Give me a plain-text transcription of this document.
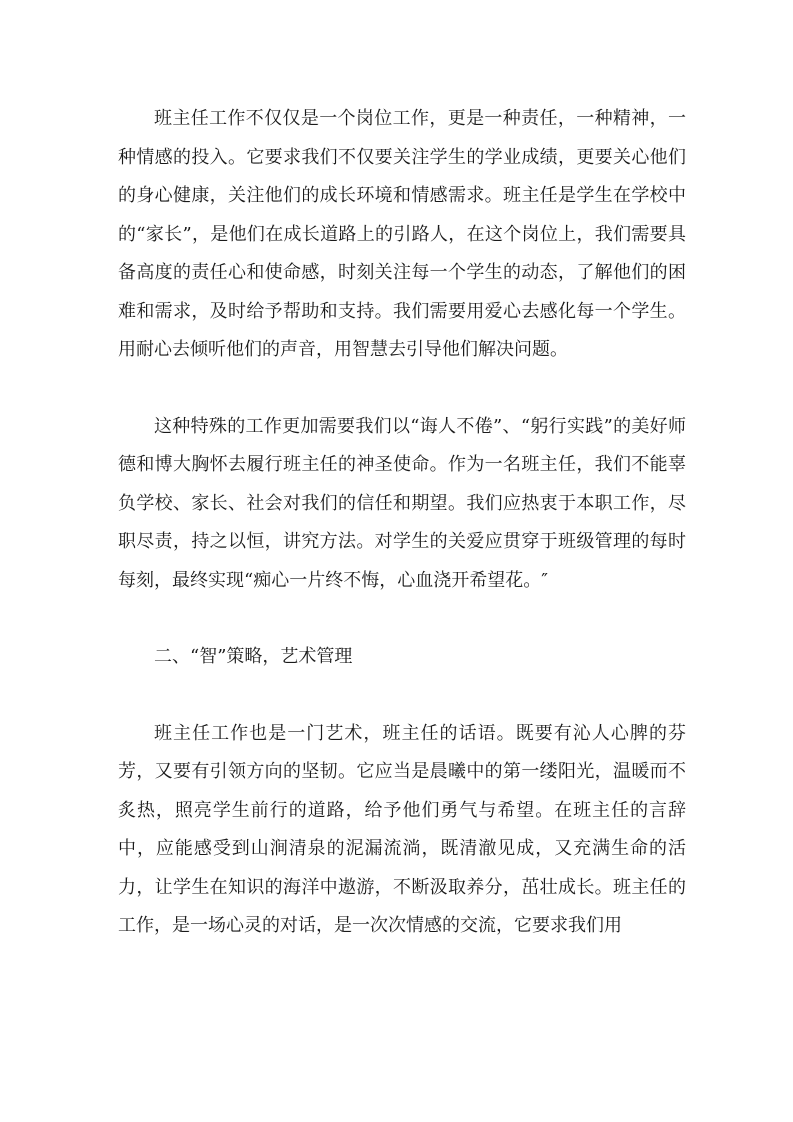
班主任工作不仅仅是一个岗位工作，更是一种责任，一种精神，一种情感的投入。它要求我们不仅要关注学生的学业成绩，更要关心他们的身心健康，关注他们的成长环境和情感需求。班主任是学生在学校中的“家长”，是他们在成长道路上的引路人，在这个岗位上，我们需要具备高度的责任心和使命感，时刻关注每一个学生的动态，了解他们的困难和需求，及时给予帮助和支持。我们需要用爱心去感化每一个学生。用耐心去倾听他们的声音，用智慧去引导他们解决问题。

这种特殊的工作更加需要我们以“诲人不倦”、“躬行实践”的美好师德和博大胸怀去履行班主任的神圣使命。作为一名班主任，我们不能辜负学校、家长、社会对我们的信任和期望。我们应热衷于本职工作，尽职尽责，持之以恒，讲究方法。对学生的关爱应贯穿于班级管理的每时每刻，最终实现“痴心一片终不悔，心血浇开希望花。″

二、“智”策略，艺术管理

班主任工作也是一门艺术，班主任的话语。既要有沁人心脾的芬芳，又要有引领方向的坚韧。它应当是晨曦中的第一缕阳光，温暖而不炙热，照亮学生前行的道路，给予他们勇气与希望。在班主任的言辞中，应能感受到山涧清泉的泥漏流淌，既清澈见成，又充满生命的活力，让学生在知识的海洋中遨游，不断汲取养分，茁壮成长。班主任的工作，是一场心灵的对话，是一次次情感的交流，它要求我们用
